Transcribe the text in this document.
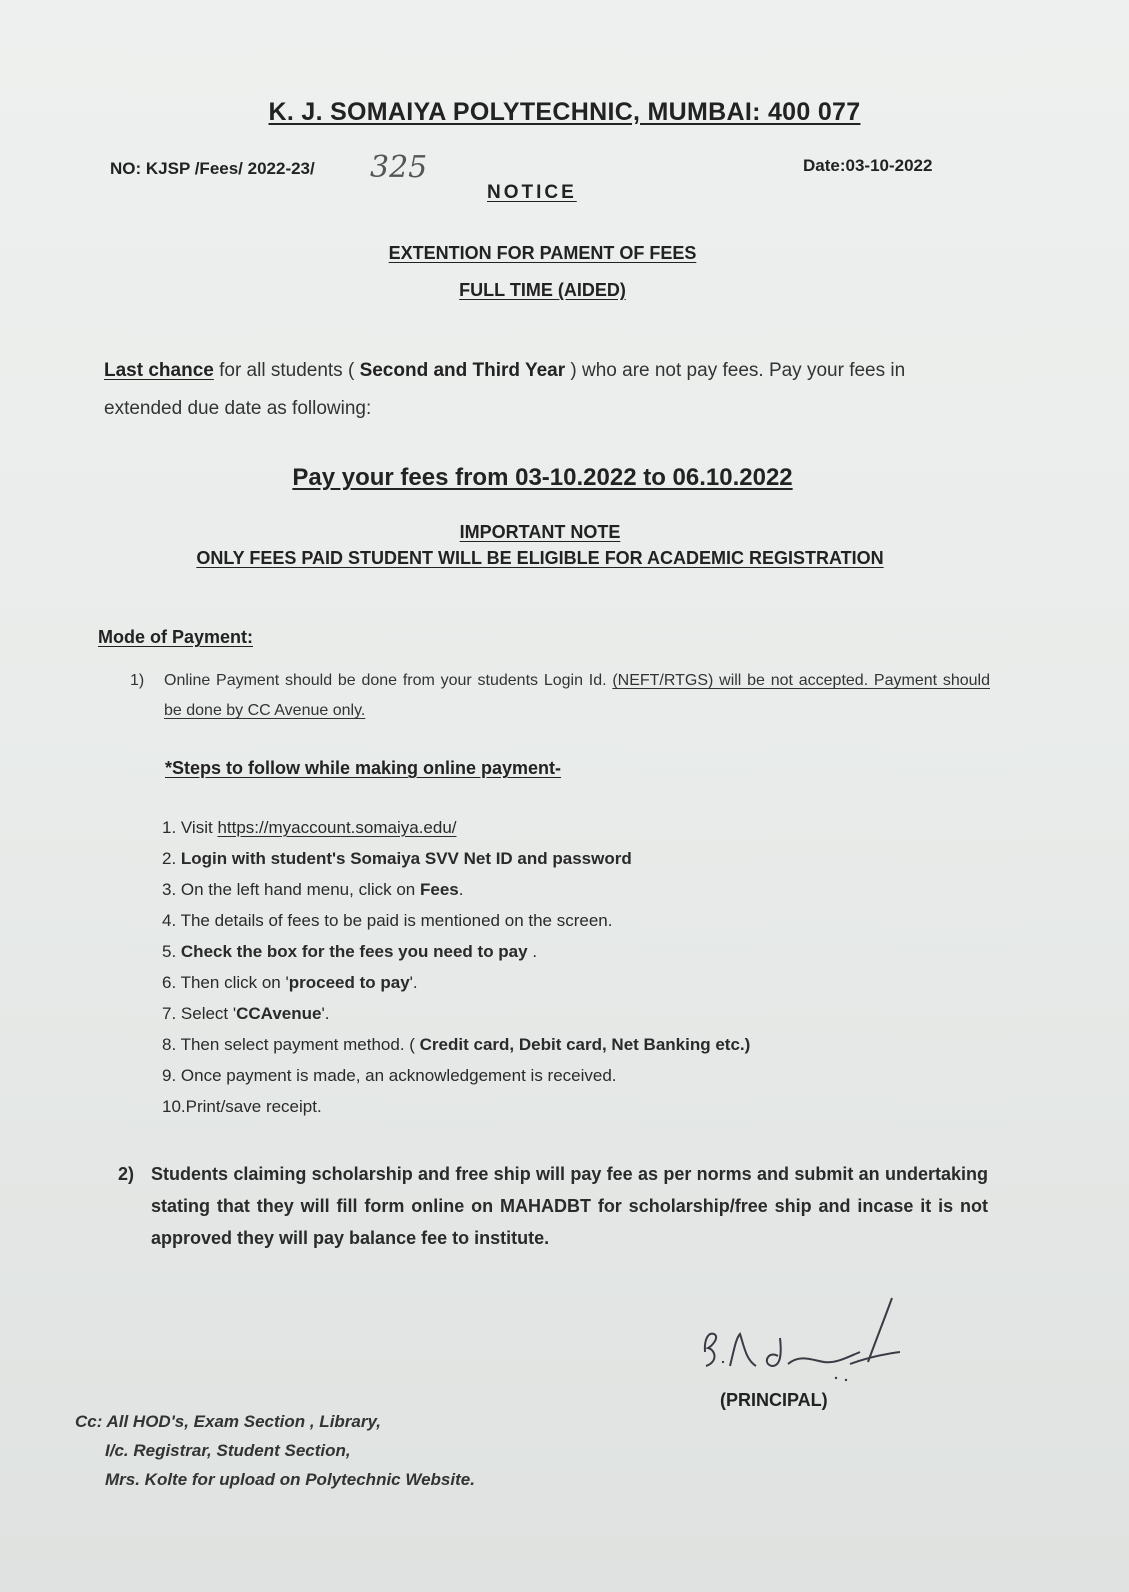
K. J. SOMAIYA POLYTECHNIC, MUMBAI: 400 077
NO: KJSP /Fees/ 2022-23/ 325	Date:03-10-2022
NOTICE
EXTENTION FOR PAMENT OF FEES
FULL TIME (AIDED)
Last chance for all students ( Second and Third Year ) who are not pay fees. Pay your fees in extended due date as following:
Pay your fees from 03-10.2022 to 06.10.2022
IMPORTANT NOTE
ONLY FEES PAID STUDENT WILL BE ELIGIBLE FOR ACADEMIC REGISTRATION
Mode of Payment:
1) Online Payment should be done from your students Login Id. (NEFT/RTGS) will be not accepted. Payment should be done by CC Avenue only.
*Steps to follow while making online payment-
1. Visit https://myaccount.somaiya.edu/
2. Login with student's Somaiya SVV Net ID and password
3. On the left hand menu, click on Fees.
4. The details of fees to be paid is mentioned on the screen.
5. Check the box for the fees you need to pay .
6. Then click on 'proceed to pay'.
7. Select 'CCAvenue'.
8. Then select payment method. ( Credit card, Debit card, Net Banking etc.)
9. Once payment is made, an acknowledgement is received.
10.Print/save receipt.
2) Students claiming scholarship and free ship will pay fee as per norms and submit an undertaking stating that they will fill form online on MAHADBT for scholarship/free ship and incase it is not approved they will pay balance fee to institute.
(PRINCIPAL)
Cc: All HOD's, Exam Section , Library,
I/c. Registrar, Student Section,
Mrs. Kolte for upload on Polytechnic Website.
